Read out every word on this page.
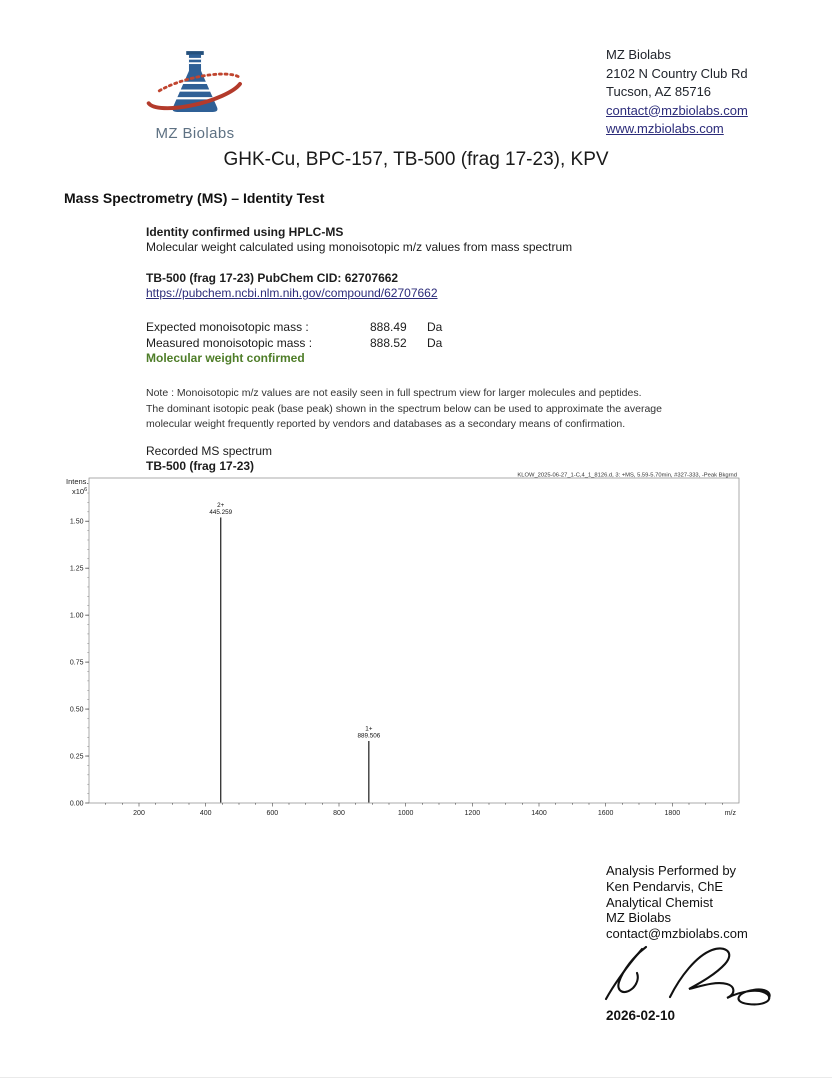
MZ Biolabs
MZ Biolabs
2102 N Country Club Rd
Tucson, AZ 85716
contact@mzbiolabs.com
www.mzbiolabs.com
GHK-Cu, BPC-157, TB-500 (frag 17-23), KPV
Mass Spectrometry (MS) – Identity Test
Identity confirmed using HPLC-MS
Molecular weight calculated using monoisotopic m/z values from mass spectrum
TB-500 (frag 17-23) PubChem CID: 62707662
https://pubchem.ncbi.nlm.nih.gov/compound/62707662
Expected monoisotopic mass :	888.49	Da
Measured monoisotopic mass :	888.52	Da
Molecular weight confirmed
Note : Monoisotopic m/z values are not easily seen in full spectrum view for larger molecules and peptides.
The dominant isotopic peak (base peak) shown in the spectrum below can be used to approximate the average
molecular weight frequently reported by vendors and databases as a secondary means of confirmation.
Recorded MS spectrum
TB-500 (frag 17-23)
200	400	600	800	1000	1200	1400	1600	1800	m/z
0.00
0.25
0.50
0.75
1.00
1.25
1.50
Intens.
$x10^6$
KLOW_2025-06-27_1-C,4_1_8126.d, 3: +MS, 5.59-5.70min, #327-333, -Peak Bkgrnd
2+
445.259
1+
889.506
Analysis Performed by
Ken Pendarvis, ChE
Analytical Chemist
MZ Biolabs
contact@mzbiolabs.com
2026-02-10
